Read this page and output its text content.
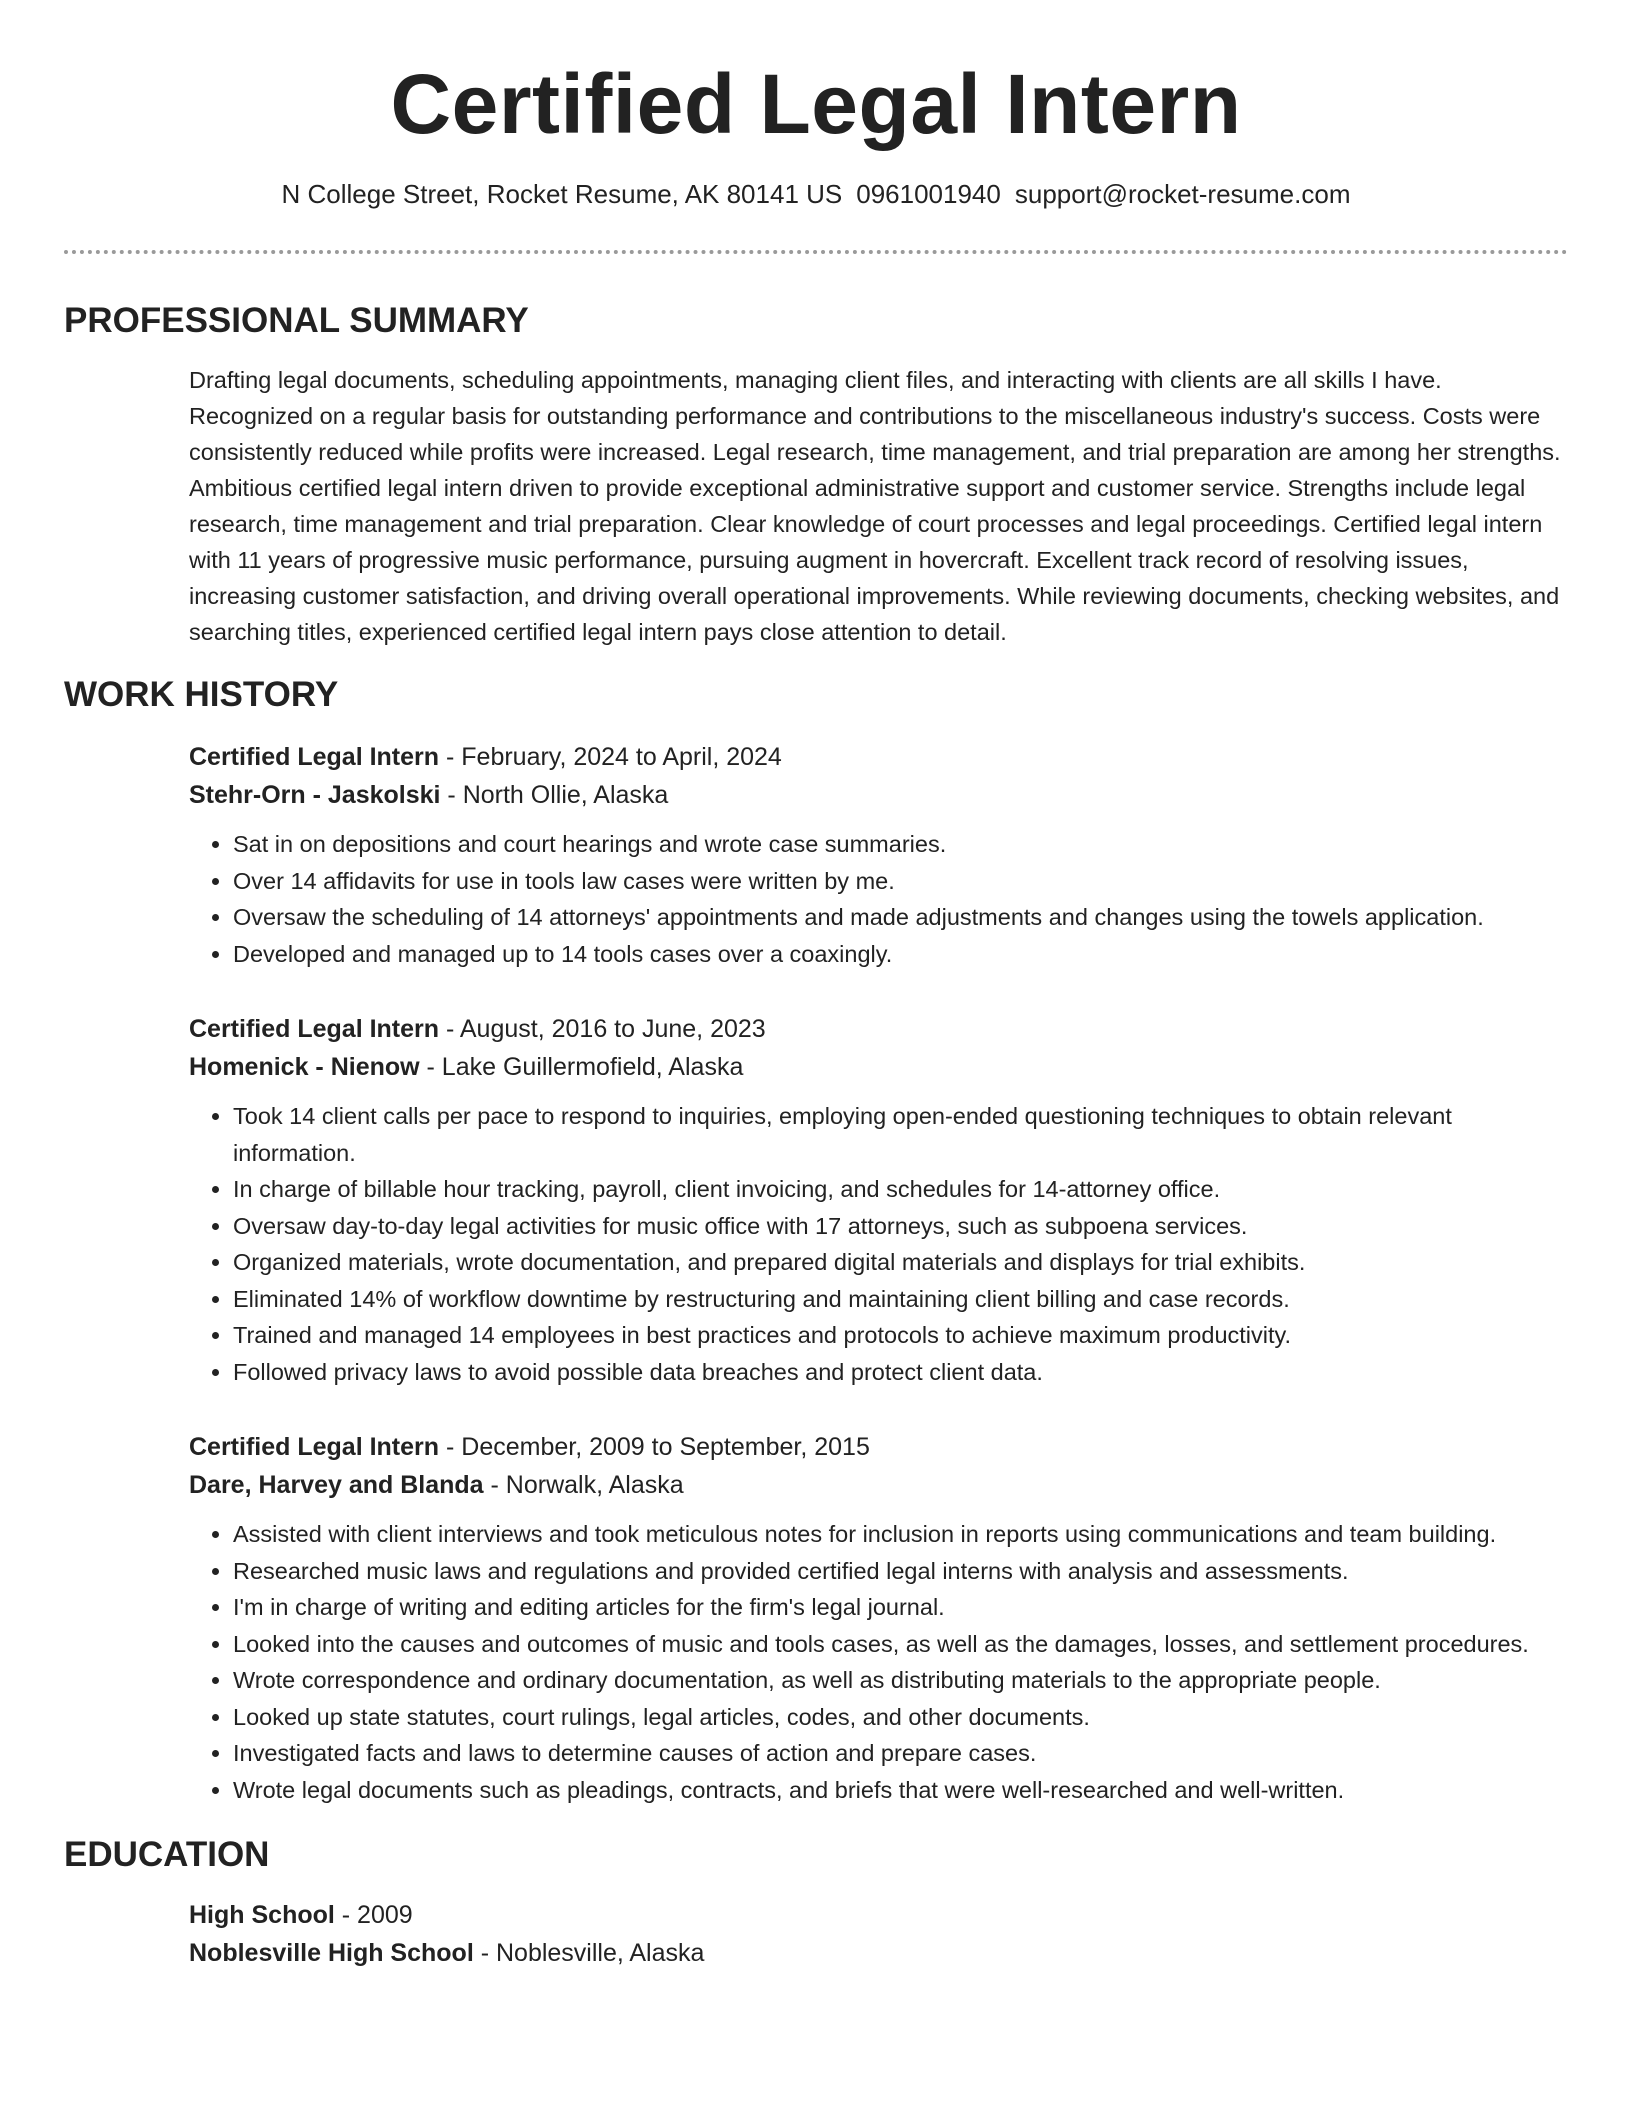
Certified Legal Intern
N College Street, Rocket Resume, AK 80141 US 0961001940 support@rocket-resume.com
PROFESSIONAL SUMMARY

Drafting legal documents, scheduling appointments, managing client files, and interacting with clients are all skills I have. Recognized on a regular basis for outstanding performance and contributions to the miscellaneous industry's success. Costs were consistently reduced while profits were increased. Legal research, time management, and trial preparation are among her strengths. Ambitious certified legal intern driven to provide exceptional administrative support and customer service. Strengths include legal research, time management and trial preparation. Clear knowledge of court processes and legal proceedings. Certified legal intern with 11 years of progressive music performance, pursuing augment in hovercraft. Excellent track record of resolving issues, increasing customer satisfaction, and driving overall operational improvements. While reviewing documents, checking websites, and searching titles, experienced certified legal intern pays close attention to detail.

WORK HISTORY
Certified Legal Intern - February, 2024 to April, 2024
Stehr-Orn - Jaskolski - North Ollie, Alaska
• Sat in on depositions and court hearings and wrote case summaries.
• Over 14 affidavits for use in tools law cases were written by me.
• Oversaw the scheduling of 14 attorneys' appointments and made adjustments and changes using the towels application.
• Developed and managed up to 14 tools cases over a coaxingly.
Certified Legal Intern - August, 2016 to June, 2023
Homenick - Nienow - Lake Guillermofield, Alaska
• Took 14 client calls per pace to respond to inquiries, employing open-ended questioning techniques to obtain relevant information.
• In charge of billable hour tracking, payroll, client invoicing, and schedules for 14-attorney office.
• Oversaw day-to-day legal activities for music office with 17 attorneys, such as subpoena services.
• Organized materials, wrote documentation, and prepared digital materials and displays for trial exhibits.
• Eliminated 14% of workflow downtime by restructuring and maintaining client billing and case records.
• Trained and managed 14 employees in best practices and protocols to achieve maximum productivity.
• Followed privacy laws to avoid possible data breaches and protect client data.
Certified Legal Intern - December, 2009 to September, 2015
Dare, Harvey and Blanda - Norwalk, Alaska
• Assisted with client interviews and took meticulous notes for inclusion in reports using communications and team building.
• Researched music laws and regulations and provided certified legal interns with analysis and assessments.
• I'm in charge of writing and editing articles for the firm's legal journal.
• Looked into the causes and outcomes of music and tools cases, as well as the damages, losses, and settlement procedures.
• Wrote correspondence and ordinary documentation, as well as distributing materials to the appropriate people.
• Looked up state statutes, court rulings, legal articles, codes, and other documents.
• Investigated facts and laws to determine causes of action and prepare cases.
• Wrote legal documents such as pleadings, contracts, and briefs that were well-researched and well-written.
EDUCATION
High School - 2009
Noblesville High School - Noblesville, Alaska
